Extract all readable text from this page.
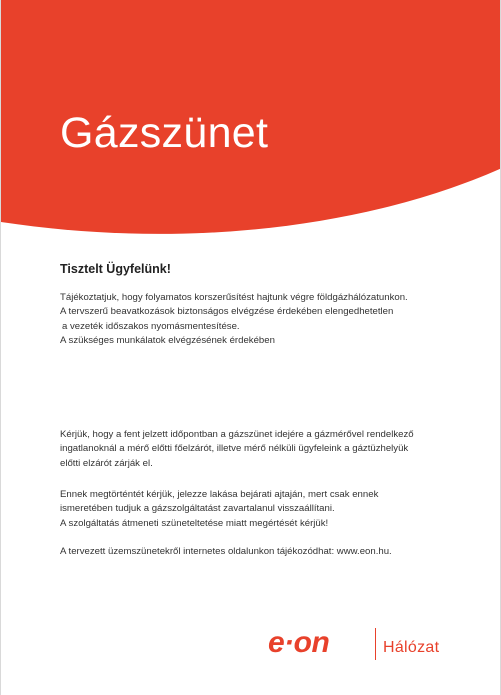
Gázszünet

Tisztelt Ügyfelünk!

Tájékoztatjuk, hogy folyamatos korszerűsítést hajtunk végre földgázhálózatunkon.
A tervszerű beavatkozások biztonságos elvégzése érdekében elengedhetetlen
a vezeték időszakos nyomásmentesítése.
A szükséges munkálatok elvégzésének érdekében

Kérjük, hogy a fent jelzett időpontban a gázszünet idejére a gázmérővel rendelkező
ingatlanoknál a mérő előtti főelzárót, illetve mérő nélküli ügyfeleink a gáztüzhelyük
előtti elzárót zárják el.

Ennek megtörténtét kérjük, jelezze lakása bejárati ajtaján, mert csak ennek
ismeretében tudjuk a gázszolgáltatást zavartalanul visszaállítani.
A szolgáltatás átmeneti szüneteltetése miatt megértését kérjük!

A tervezett üzemszünetekről internetes oldalunkon tájékozódhat: www.eon.hu.

e·on	Hálózat
